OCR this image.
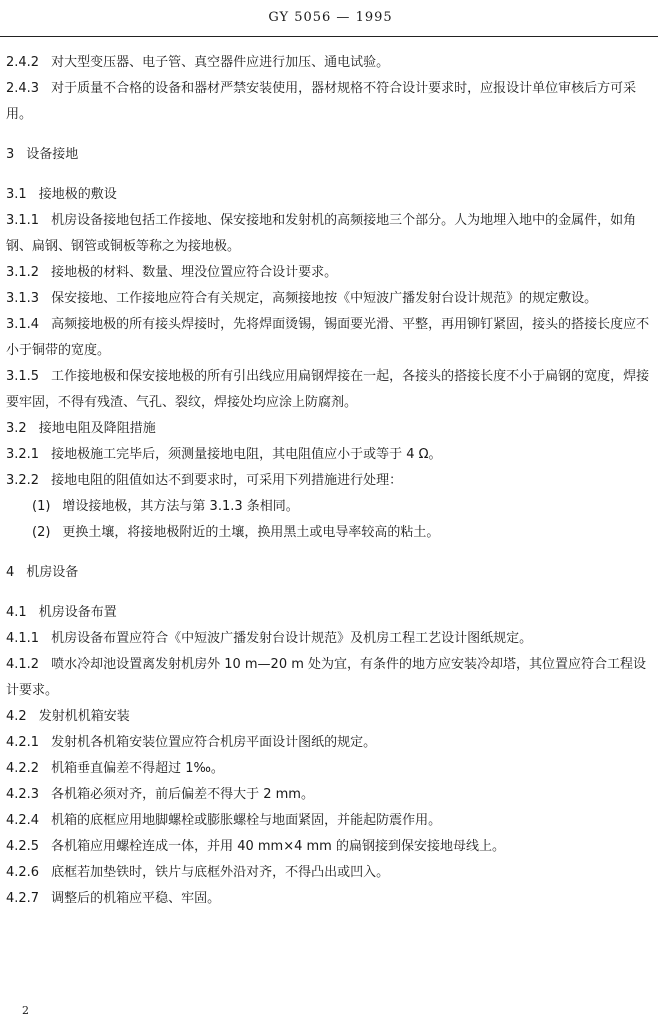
GY 5056 — 1995

2.4.2 对大型变压器、电子管、真空器件应进行加压、通电试验。

2.4.3 对于质量不合格的设备和器材严禁安装使用，器材规格不符合设计要求时，应报设计单位审核后方可采用。

3 设备接地

3.1 接地极的敷设

3.1.1 机房设备接地包括工作接地、保安接地和发射机的高频接地三个部分。人为地埋入地中的金属件，如角钢、扁钢、钢管或铜板等称之为接地极。

3.1.2 接地极的材料、数量、埋没位置应符合设计要求。

3.1.3 保安接地、工作接地应符合有关规定，高频接地按《中短波广播发射台设计规范》的规定敷设。

3.1.4 高频接地极的所有接头焊接时，先将焊面烫锡，锡面要光滑、平整，再用铆钉紧固，接头的搭接长度应不小于铜带的宽度。

3.1.5 工作接地极和保安接地极的所有引出线应用扁钢焊接在一起，各接头的搭接长度不小于扁钢的宽度，焊接要牢固，不得有残渣、气孔、裂纹，焊接处均应涂上防腐剂。

3.2 接地电阻及降阻措施

3.2.1 接地极施工完毕后，须测量接地电阻，其电阻值应小于或等于 4 Ω。

3.2.2 接地电阻的阻值如达不到要求时，可采用下列措施进行处理：

(1) 增设接地极，其方法与第 3.1.3 条相同。

(2) 更换土壤，将接地极附近的土壤，换用黑土或电导率较高的粘土。

4 机房设备

4.1 机房设备布置

4.1.1 机房设备布置应符合《中短波广播发射台设计规范》及机房工程工艺设计图纸规定。

4.1.2 喷水冷却池设置离发射机房外 10 m—20 m 处为宜，有条件的地方应安装冷却塔，其位置应符合工程设计要求。

4.2 发射机机箱安装

4.2.1 发射机各机箱安装位置应符合机房平面设计图纸的规定。

4.2.2 机箱垂直偏差不得超过 1‰。

4.2.3 各机箱必须对齐，前后偏差不得大于 2 mm。

4.2.4 机箱的底框应用地脚螺栓或膨胀螺栓与地面紧固，并能起防震作用。

4.2.5 各机箱应用螺栓连成一体，并用 40 mm×4 mm 的扁钢接到保安接地母线上。

4.2.6 底框若加垫铁时，铁片与底框外沿对齐，不得凸出或凹入。

4.2.7 调整后的机箱应平稳、牢固。

2
